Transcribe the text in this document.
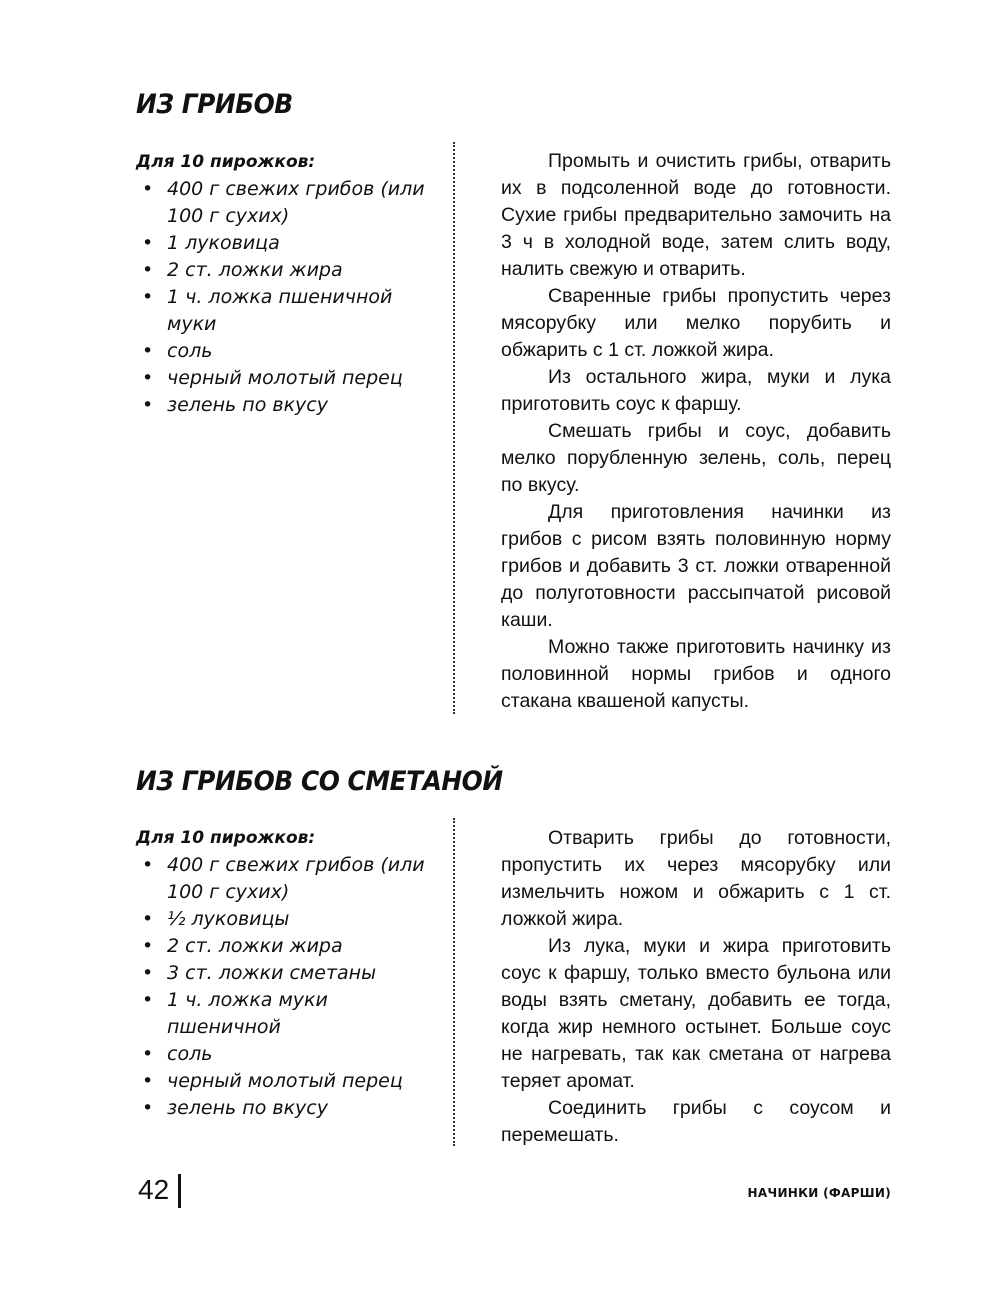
ИЗ ГРИБОВ
Для 10 пирожков:
• 400 г свежих грибов (или 100 г сухих)
• 1 луковица
• 2 ст. ложки жира
• 1 ч. ложка пшеничной муки
• соль
• черный молотый перец
• зелень по вкусу

Промыть и очистить грибы, отварить их в подсоленной воде до готовности. Сухие грибы предварительно замочить на 3 ч в холодной воде, затем слить воду, налить свежую и отварить.

Сваренные грибы пропустить через мясорубку или мелко порубить и обжарить с 1 ст. ложкой жира.

Из остального жира, муки и лука приготовить соус к фаршу.

Смешать грибы и соус, добавить мелко порубленную зелень, соль, перец по вкусу.

Для приготовления начинки из грибов с рисом взять половинную норму грибов и добавить 3 ст. ложки отваренной до полуготовности рассыпчатой рисовой каши.

Можно также приготовить начинку из половинной нормы грибов и одного стакана квашеной капусты.

ИЗ ГРИБОВ СО СМЕТАНОЙ
Для 10 пирожков:
• 400 г свежих грибов (или 100 г сухих)
• ½ луковицы
• 2 ст. ложки жира
• 3 ст. ложки сметаны
• 1 ч. ложка муки пшеничной
• соль
• черный молотый перец
• зелень по вкусу

Отварить грибы до готовности, пропустить их через мясорубку или измельчить ножом и обжарить с 1 ст. ложкой жира.

Из лука, муки и жира приготовить соус к фаршу, только вместо бульона или воды взять сметану, добавить ее тогда, когда жир немного остынет. Больше соус не нагревать, так как сметана от нагрева теряет аромат.

Соединить грибы с соусом и перемешать.

42	НАЧИНКИ (ФАРШИ)
